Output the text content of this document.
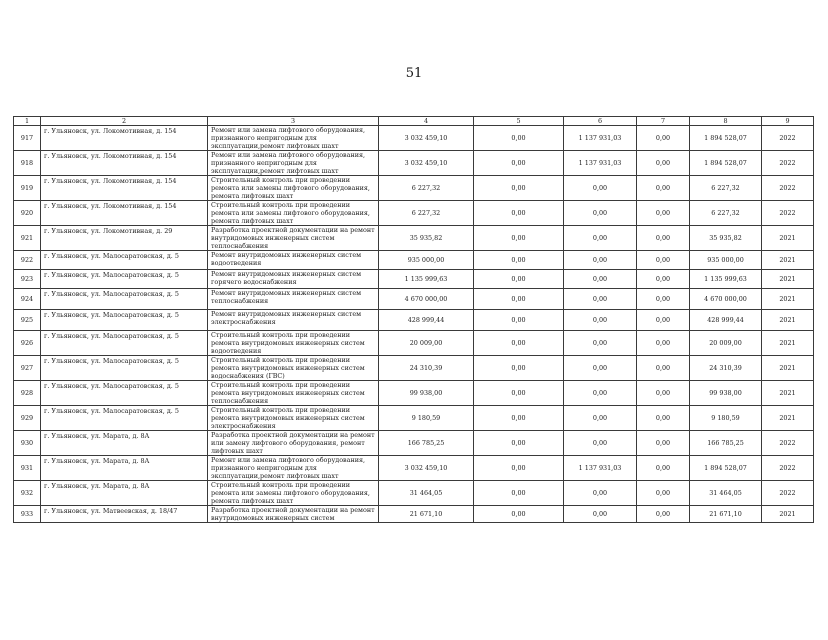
51
1	2	3	4	5	6	7	8	9
917	г. Ульяновск, ул. Локомотивная, д. 154	Ремонт или замена лифтового оборудования, признанного непригодным для эксплуатации,ремонт лифтовых шахт	3 032 459,10	0,00	1 137 931,03	0,00	1 894 528,07	2022
918	г. Ульяновск, ул. Локомотивная, д. 154	Ремонт или замена лифтового оборудования, признанного непригодным для эксплуатации,ремонт лифтовых шахт	3 032 459,10	0,00	1 137 931,03	0,00	1 894 528,07	2022
919	г. Ульяновск, ул. Локомотивная, д. 154	Строительный контроль при проведении ремонта или замены лифтового оборудования, ремонта лифтовых шахт	6 227,32	0,00	0,00	0,00	6 227,32	2022
920	г. Ульяновск, ул. Локомотивная, д. 154	Строительный контроль при проведении ремонта или замены лифтового оборудования, ремонта лифтовых шахт	6 227,32	0,00	0,00	0,00	6 227,32	2022
921	г. Ульяновск, ул. Локомотивная, д. 29	Разработка проектной документации на ремонт внутридомовых инженерных систем теплоснабжения	35 935,82	0,00	0,00	0,00	35 935,82	2021
922	г. Ульяновск, ул. Малосаратовская, д. 5	Ремонт внутридомовых инженерных систем водоотведения	935 000,00	0,00	0,00	0,00	935 000,00	2021
923	г. Ульяновск, ул. Малосаратовская, д. 5	Ремонт внутридомовых инженерных систем горячего водоснабжения	1 135 999,63	0,00	0,00	0,00	1 135 999,63	2021
924	г. Ульяновск, ул. Малосаратовская, д. 5	Ремонт внутридомовых инженерных систем теплоснабжения	4 670 000,00	0,00	0,00	0,00	4 670 000,00	2021
925	г. Ульяновск, ул. Малосаратовская, д. 5	Ремонт внутридомовых инженерных систем электроснабжения	428 999,44	0,00	0,00	0,00	428 999,44	2021
926	г. Ульяновск, ул. Малосаратовская, д. 5	Строительный контроль при проведении ремонта внутридомовых инженерных систем водоотведения	20 009,00	0,00	0,00	0,00	20 009,00	2021
927	г. Ульяновск, ул. Малосаратовская, д. 5	Строительный контроль при проведении ремонта внутридомовых инженерных систем водоснабжения (ГВС)	24 310,39	0,00	0,00	0,00	24 310,39	2021
928	г. Ульяновск, ул. Малосаратовская, д. 5	Строительный контроль при проведении ремонта внутридомовых инженерных систем теплоснабжения	99 938,00	0,00	0,00	0,00	99 938,00	2021
929	г. Ульяновск, ул. Малосаратовская, д. 5	Строительный контроль при проведении ремонта внутридомовых инженерных систем электроснабжения	9 180,59	0,00	0,00	0,00	9 180,59	2021
930	г. Ульяновск, ул. Марата, д. 8А	Разработка проектной документации на ремонт или замену лифтового оборудования, ремонт лифтовых шахт	166 785,25	0,00	0,00	0,00	166 785,25	2022
931	г. Ульяновск, ул. Марата, д. 8А	Ремонт или замена лифтового оборудования, признанного непригодным для эксплуатации,ремонт лифтовых шахт	3 032 459,10	0,00	1 137 931,03	0,00	1 894 528,07	2022
932	г. Ульяновск, ул. Марата, д. 8А	Строительный контроль при проведении ремонта или замены лифтового оборудования, ремонта лифтовых шахт	31 464,05	0,00	0,00	0,00	31 464,05	2022
933	г. Ульяновск, ул. Матвеевская, д. 18/47	Разработка проектной документации на ремонт внутридомовых инженерных систем	21 671,10	0,00	0,00	0,00	21 671,10	2021
